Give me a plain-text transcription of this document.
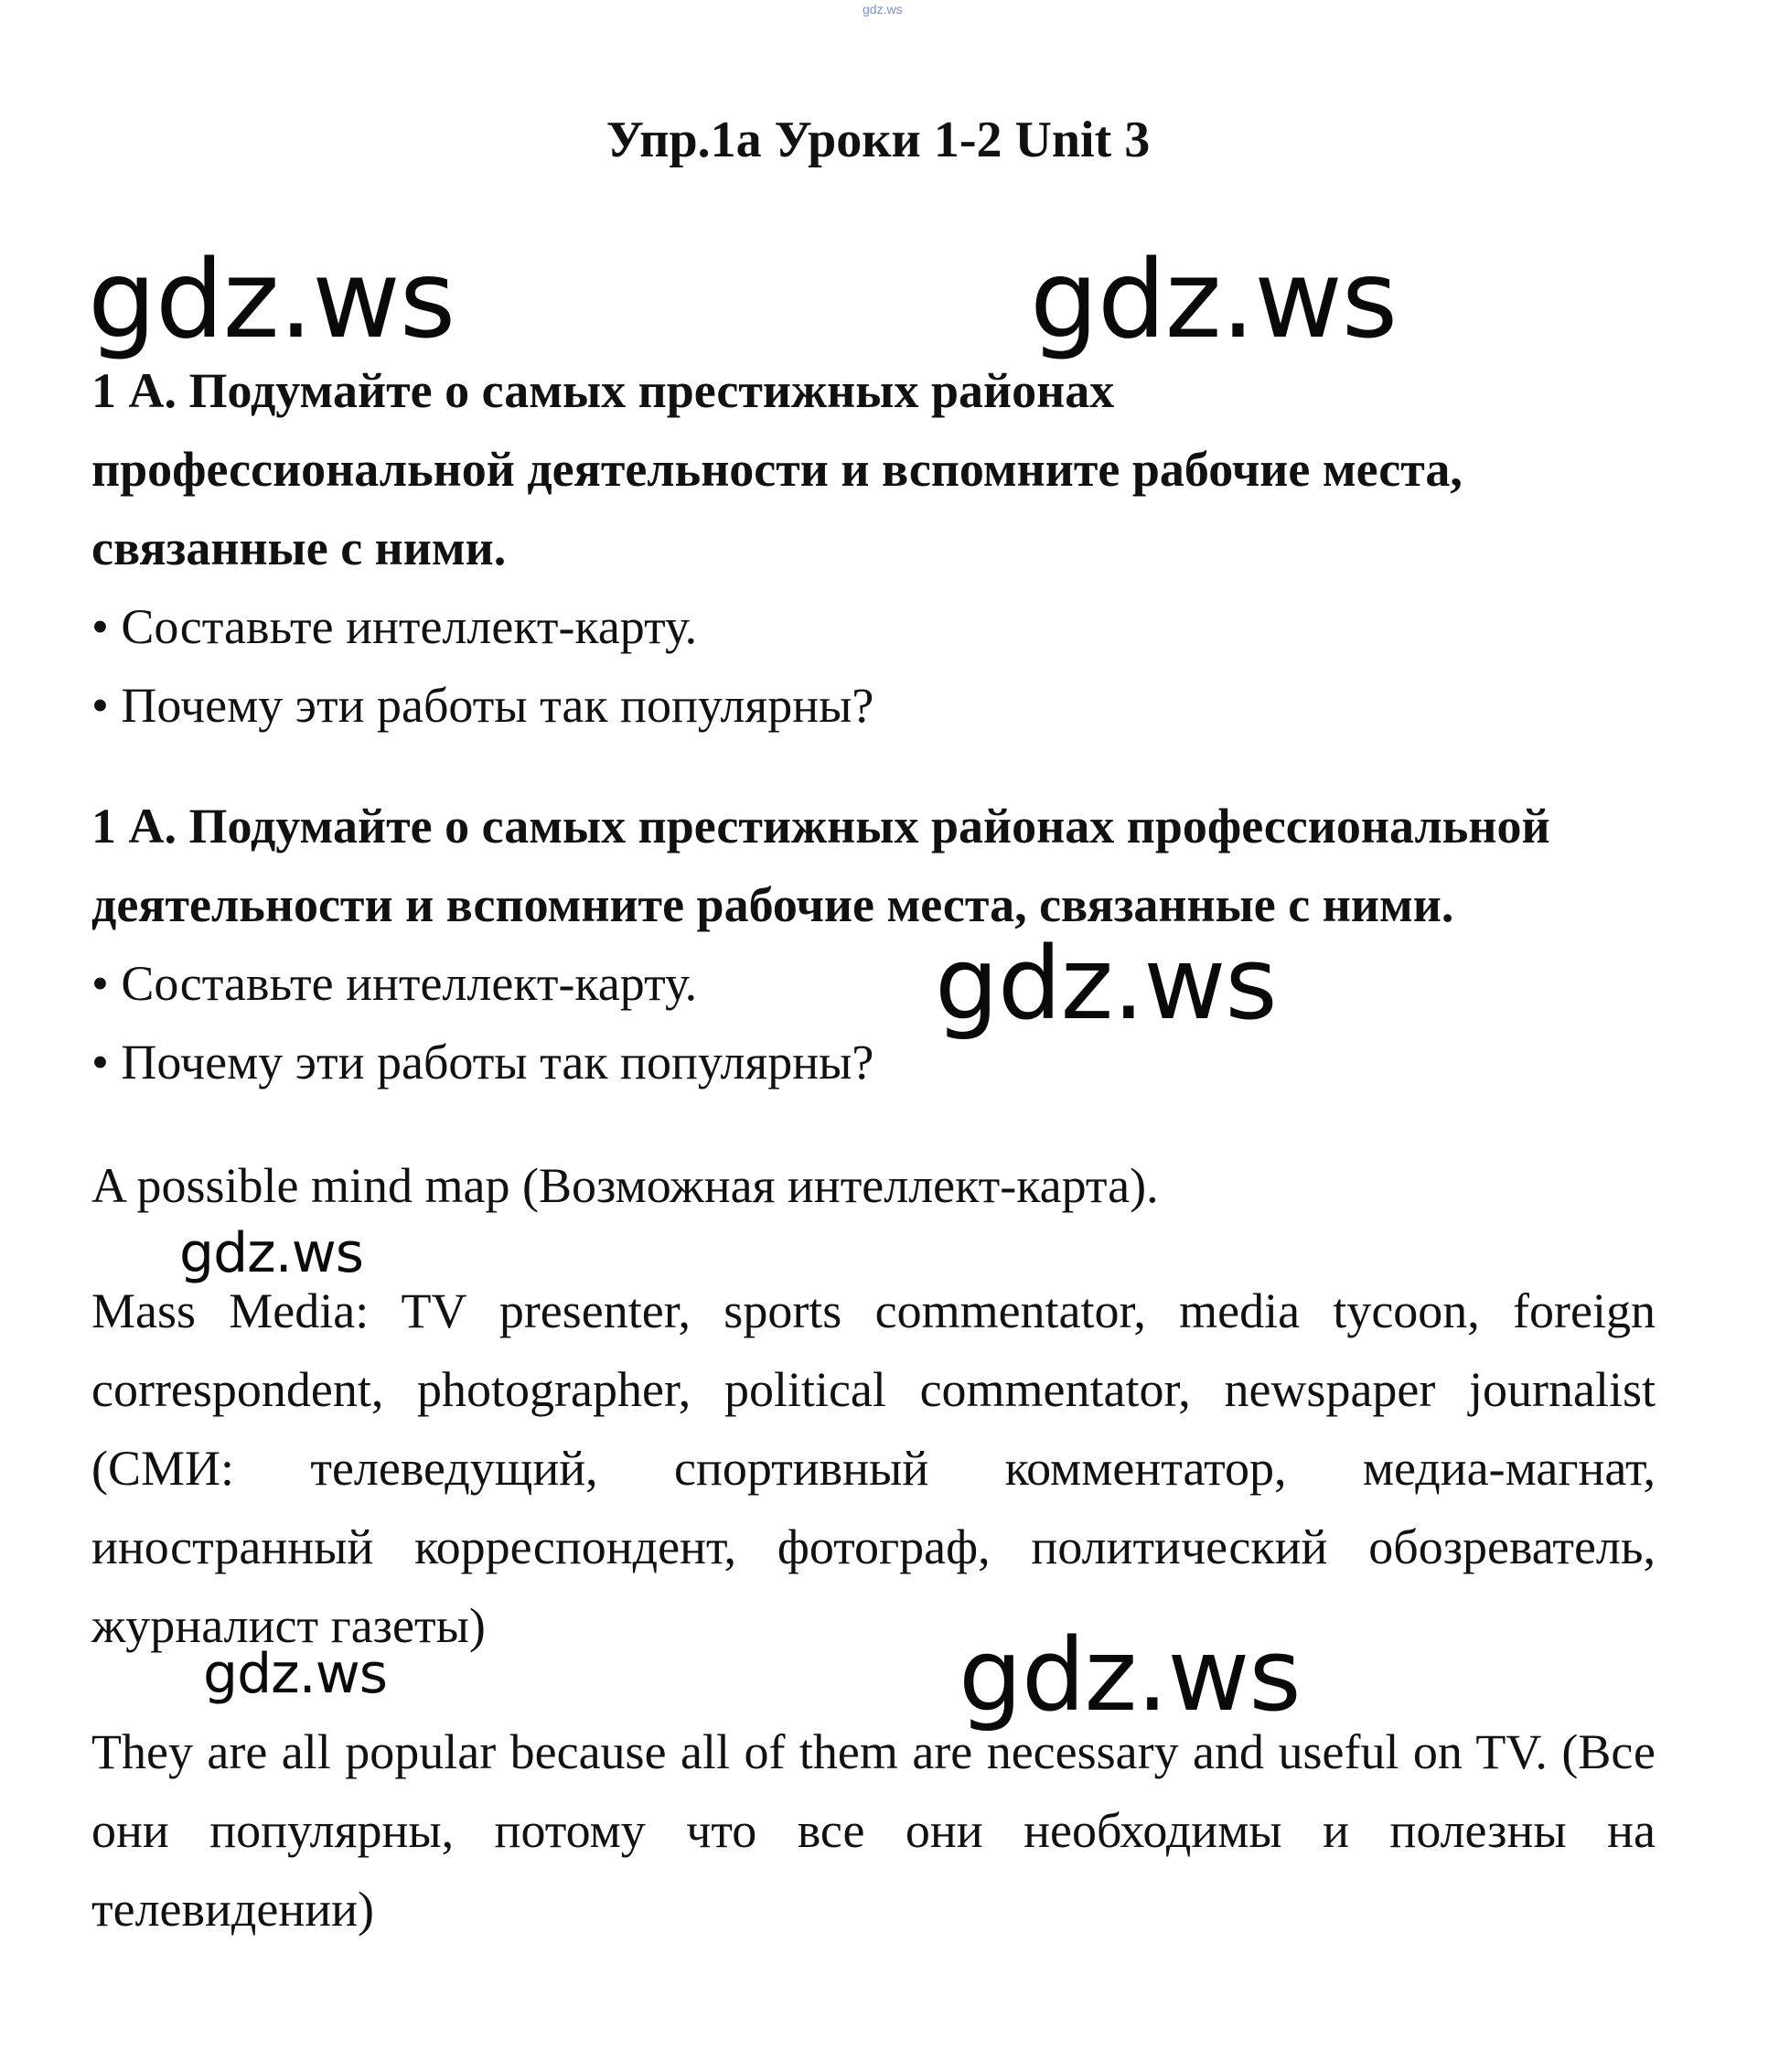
gdz.ws
Упр.1a Уроки 1-2 Unit 3
gdz.ws	gdz.ws
gdz.ws
gdz.ws
gdz.ws	gdz.ws

1 А. Подумайте о самых престижных районах

профессиональной деятельности и вспомните рабочие места,

связанные с ними.

• Составьте интеллект-карту.

• Почему эти работы так популярны?

1 А. Подумайте о самых престижных районах профессиональной

деятельности и вспомните рабочие места, связанные с ними.

• Составьте интеллект-карту.

• Почему эти работы так популярны?

A possible mind map (Возможная интеллект-карта).

Mass Media: TV presenter, sports commentator, media tycoon, foreign correspondent, photographer, political commentator, newspaper journalist (СМИ: телеведущий, спортивный комментатор, медиа-магнат, иностранный корреспондент, фотограф, политический обозреватель, журналист газеты)

They are all popular because all of them are necessary and useful on TV. (Все они популярны, потому что все они необходимы и полезны на телевидении)
